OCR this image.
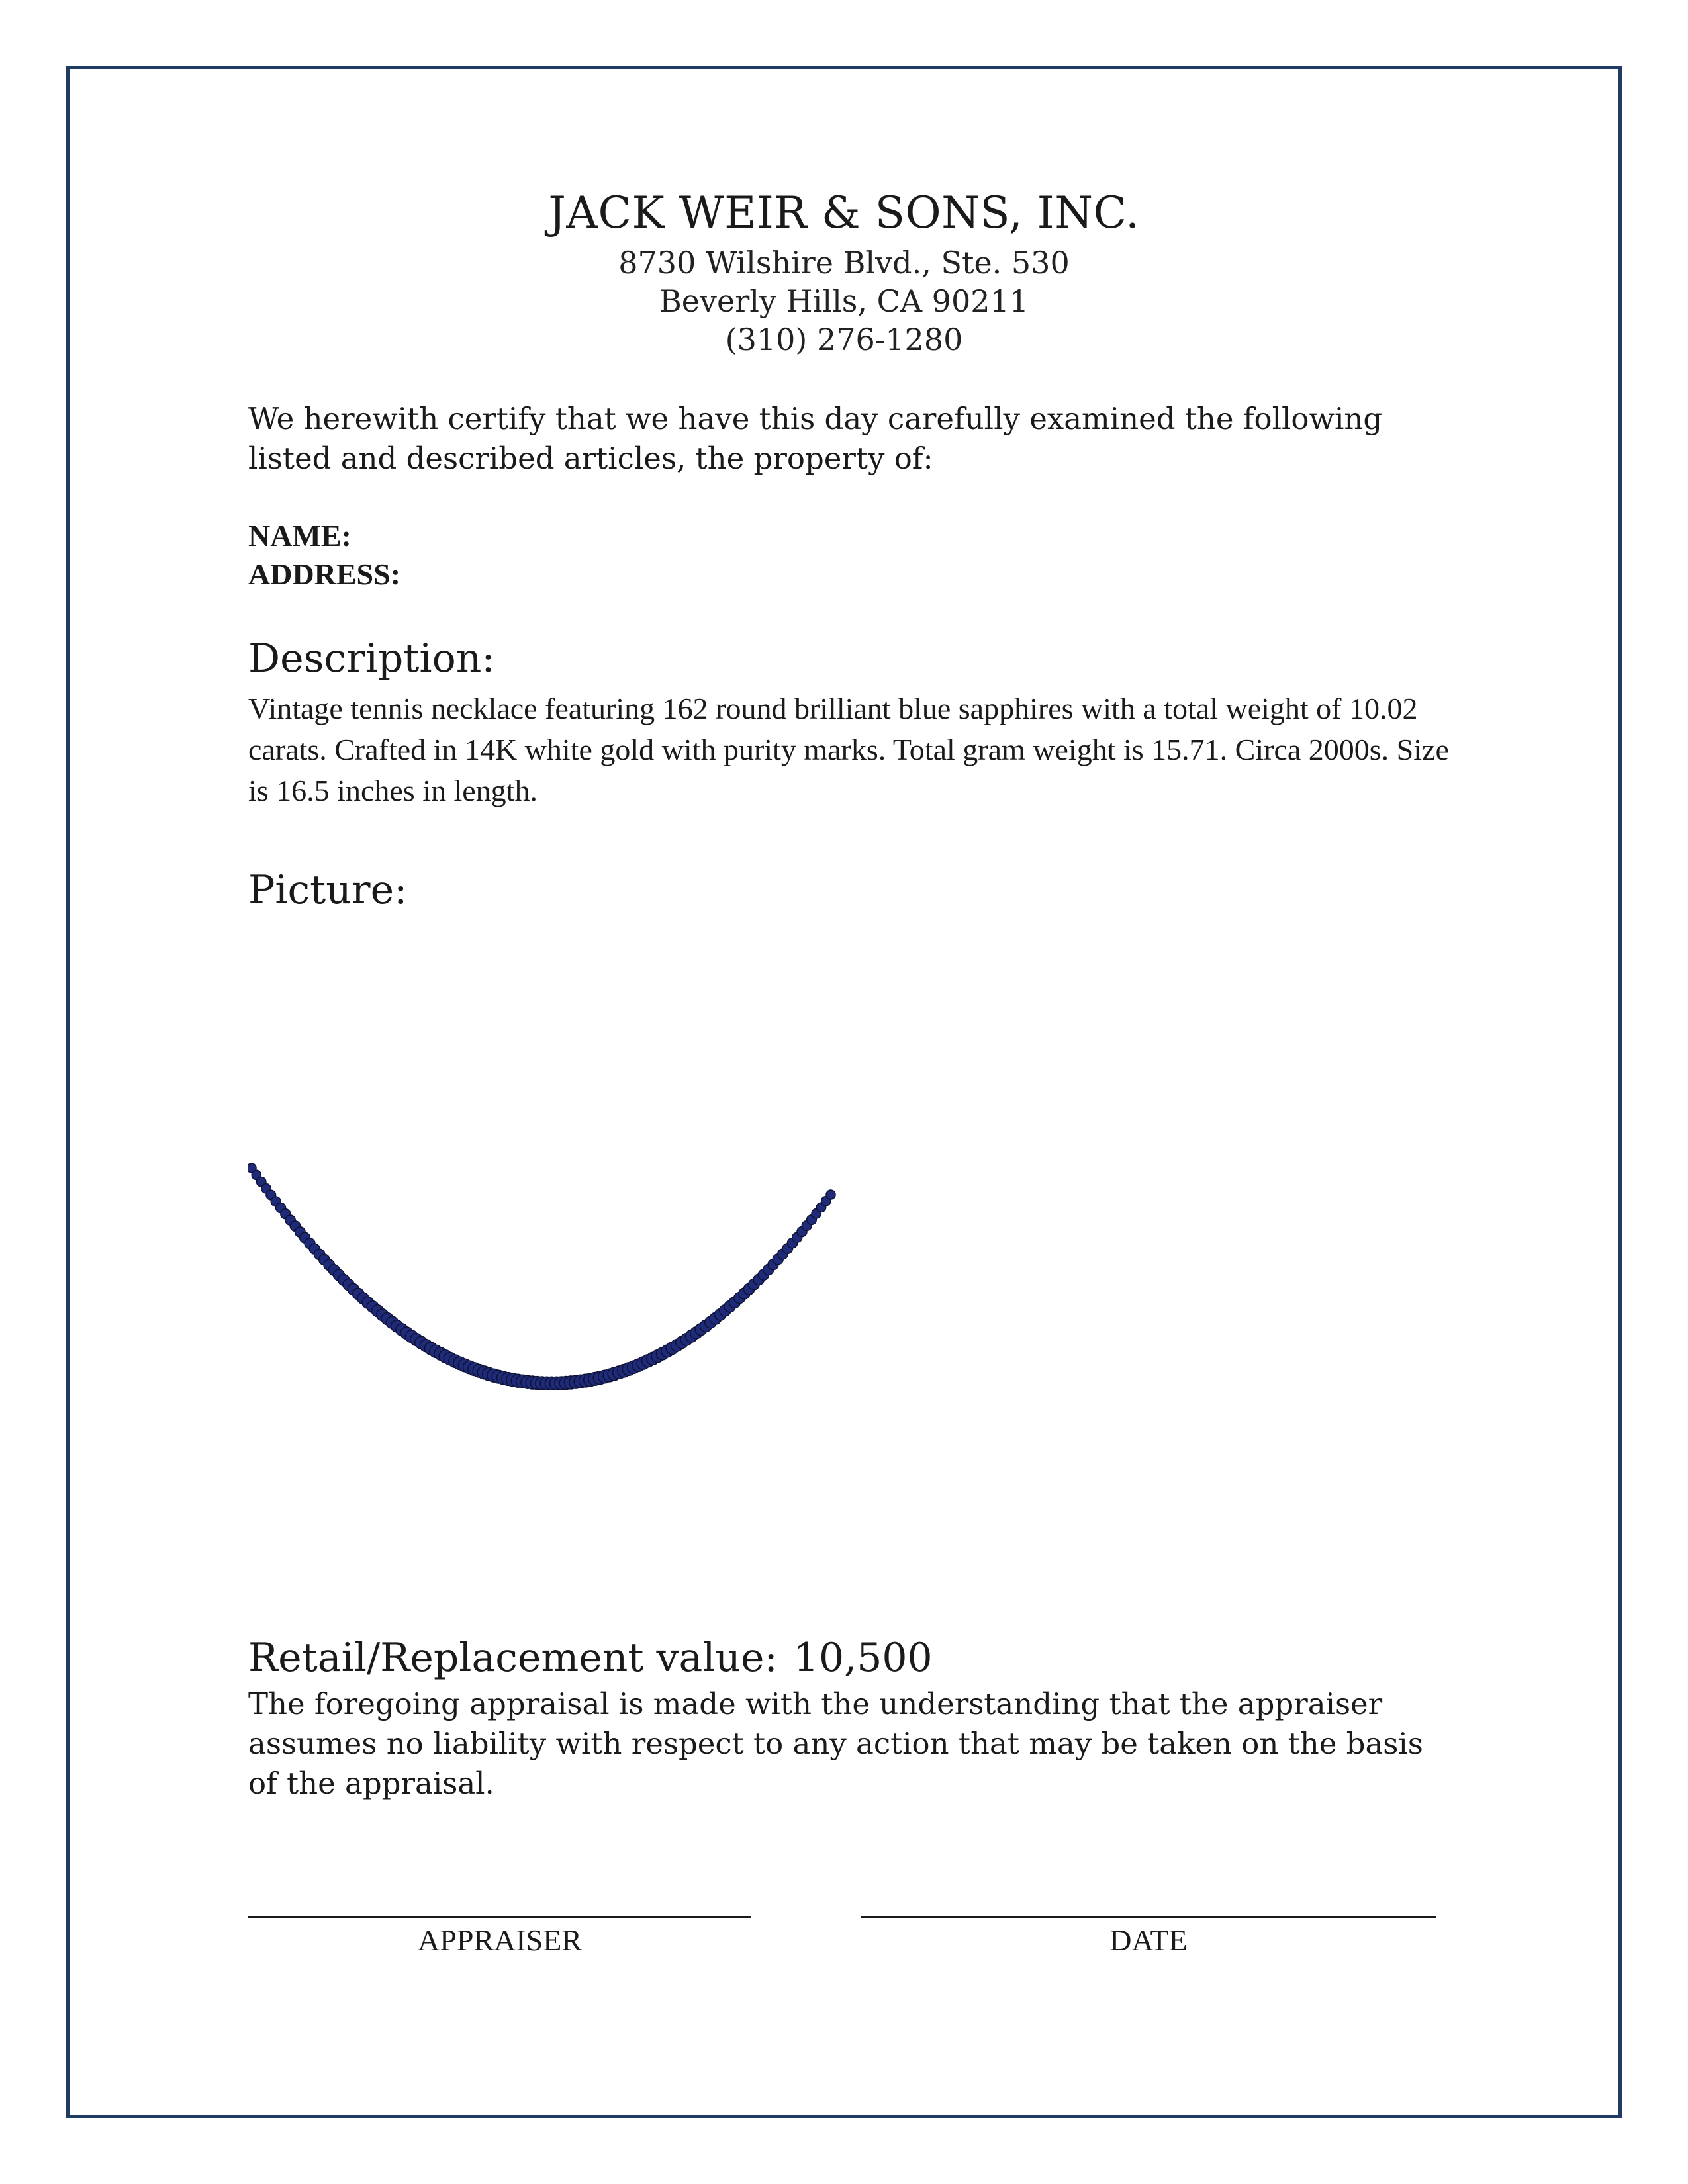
JACK WEIR & SONS, INC.
8730 Wilshire Blvd., Ste. 530
Beverly Hills, CA 90211
(310) 276-1280
We herewith certify that we have this day carefully examined the following listed and described articles, the property of:
NAME:
ADDRESS:
Description:
Vintage tennis necklace featuring 162 round brilliant blue sapphires with a total weight of 10.02 carats. Crafted in 14K white gold with purity marks. Total gram weight is 15.71. Circa 2000s. Size is 16.5 inches in length.
Picture:
Retail/Replacement value: 10,500
The foregoing appraisal is made with the understanding that the appraiser assumes no liability with respect to any action that may be taken on the basis of the appraisal.
APPRAISER	DATE
